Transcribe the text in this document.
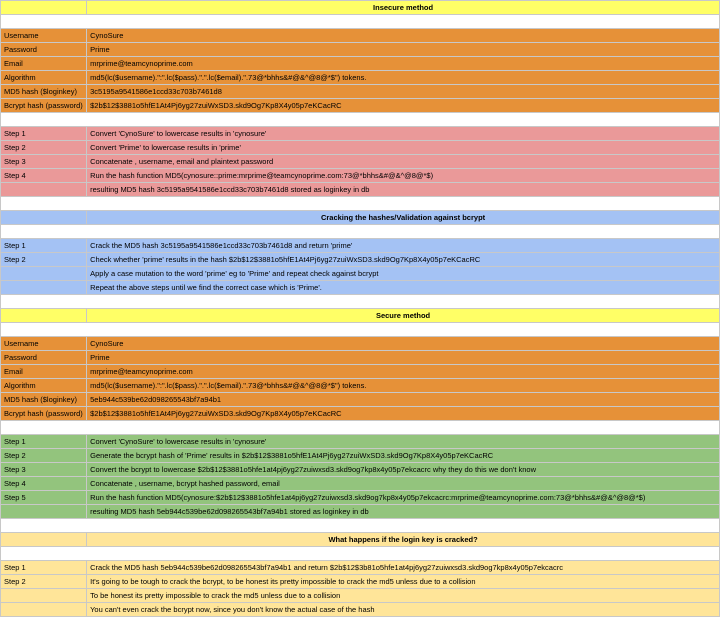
	Insecure method

Username	CynoSure
Password	Prime
Email	mrprime@teamcynoprime.com
Algorithm	md5(lc($username).":".lc($pass).".".lc($email).".73@*bhhs&#@&^@8@*$") tokens.
MD5 hash ($loginkey)	3c5195a9541586e1ccd33c703b7461d8
Bcrypt hash (password)	$2b$12$3881o5hfE1At4Pj6yg27zuiWxSD3.skd9Og7Kp8X4y05p7eKCacRC

Step 1	Convert 'CynoSure' to lowercase results in 'cynosure'
Step 2	Convert 'Prime' to lowercase results in 'prime'
Step 3	Concatenate , username, email and plaintext password
Step 4	Run the hash function MD5(cynosure::prime:mrprime@teamcynoprime.com:73@*bhhs&#@&^@8@*$)
	resulting MD5 hash 3c5195a9541586e1ccd33c703b7461d8 stored as loginkey in db

	Cracking the hashes/Validation against bcrypt

Step 1	Crack the MD5 hash 3c5195a9541586e1ccd33c703b7461d8 and return 'prime'
Step 2	Check whether 'prime' results in the hash $2b$12$3881o5hfE1At4Pj6yg27zuiWxSD3.skd9Og7Kp8X4y05p7eKCacRC
	Apply a case mutation to the word 'prime' eg to 'Prime' and repeat check against bcrypt
	Repeat the above steps until we find the correct case which is 'Prime'.

	Secure method

Username	CynoSure
Password	Prime
Email	mrprime@teamcynoprime.com
Algorithm	md5(lc($username).":".lc($pass).".".lc($email).".73@*bhhs&#@&^@8@*$") tokens.
MD5 hash ($loginkey)	5eb944c539be62d098265543bf7a94b1
Bcrypt hash (password)	$2b$12$3881o5hfE1At4Pj6yg27zuiWxSD3.skd9Og7Kp8X4y05p7eKCacRC

Step 1	Convert 'CynoSure' to lowercase results in 'cynosure'
Step 2	Generate the bcrypt hash of 'Prime' results in $2b$12$3881o5hfE1At4Pj6yg27zuiWxSD3.skd9Og7Kp8X4y05p7eKCacRC
Step 3	Convert the bcrypt to lowercase $2b$12$3881o5hfe1at4pj6yg27zuiwxsd3.skd9og7kp8x4y05p7ekcacrc why they do this we don't know
Step 4	Concatenate , username, bcrypt hashed password, email
Step 5	Run the hash function MD5(cynosure:$2b$12$3881o5hfe1at4pj6yg27zuiwxsd3.skd9og7kp8x4y05p7ekcacrc:mrprime@teamcynoprime.com:73@*bhhs&#@&^@8@*$)
	resulting MD5 hash 5eb944c539be62d098265543bf7a94b1 stored as loginkey in db

	What happens if the login key is cracked?

Step 1	Crack the MD5 hash 5eb944c539be62d098265543bf7a94b1 and return $2b$12$3b81o5hfe1at4pj6yg27zuiwxsd3.skd9og7kp8x4y05p7ekcacrc
Step 2	It's going to be tough to crack the bcrypt, to be honest its pretty impossible to crack the md5 unless due to a collision
	To be honest its pretty impossible to crack the md5 unless due to a collision
	You can't even crack the bcrypt now, since you don't know the actual case of the hash
